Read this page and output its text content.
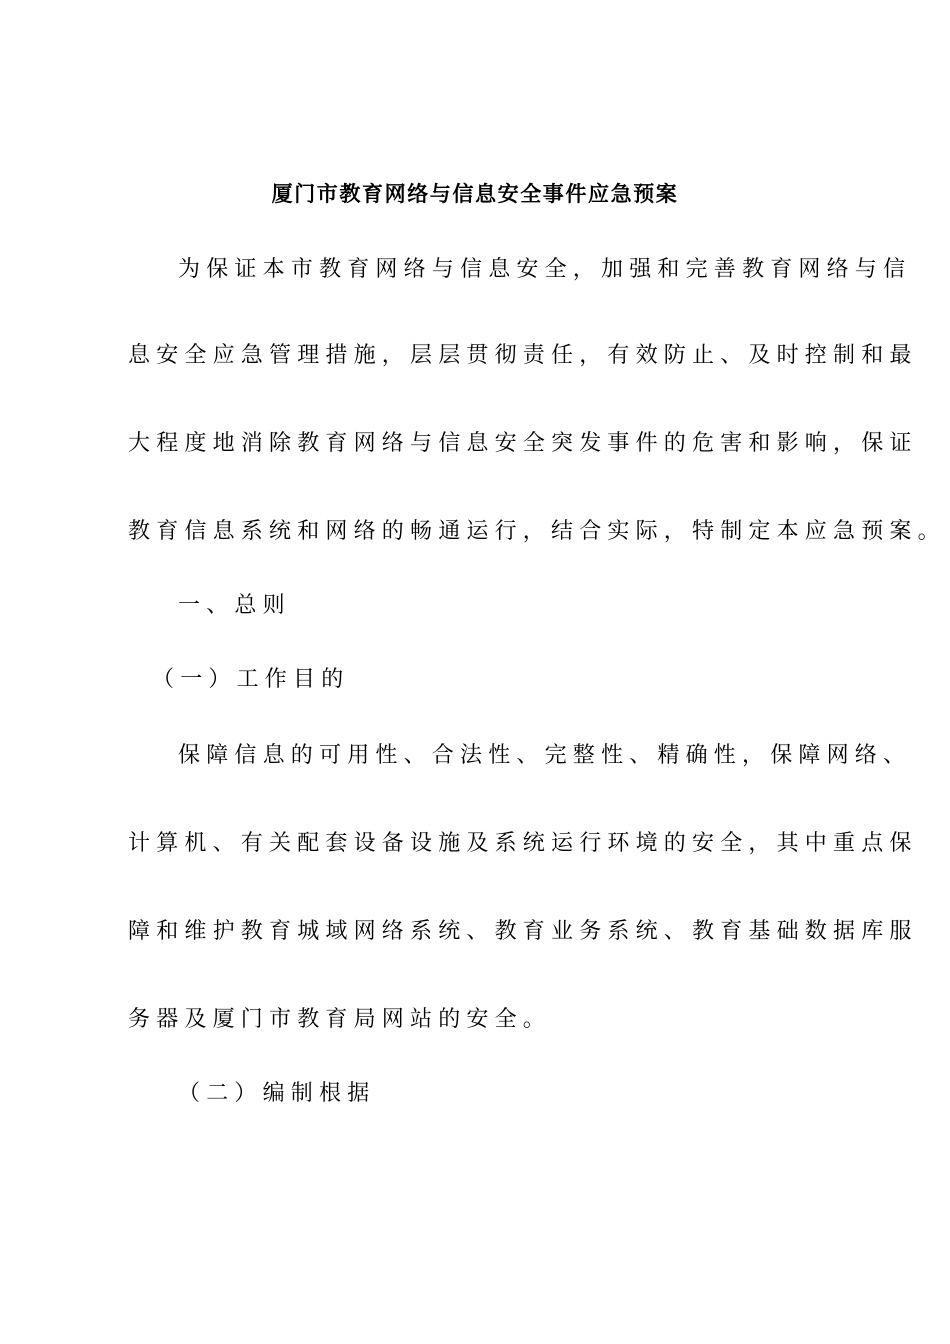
厦门市教育网络与信息安全事件应急预案
为保证本市教育网络与信息安全，加强和完善教育网络与信
息安全应急管理措施，层层贯彻责任，有效防止、及时控制和最
大程度地消除教育网络与信息安全突发事件的危害和影响，保证
教育信息系统和网络的畅通运行，结合实际，特制定本应急预案。
一、总则
（一）工作目的
保障信息的可用性、合法性、完整性、精确性，保障网络、
计算机、有关配套设备设施及系统运行环境的安全，其中重点保
障和维护教育城域网络系统、教育业务系统、教育基础数据库服
务器及厦门市教育局网站的安全。
（二）编制根据
